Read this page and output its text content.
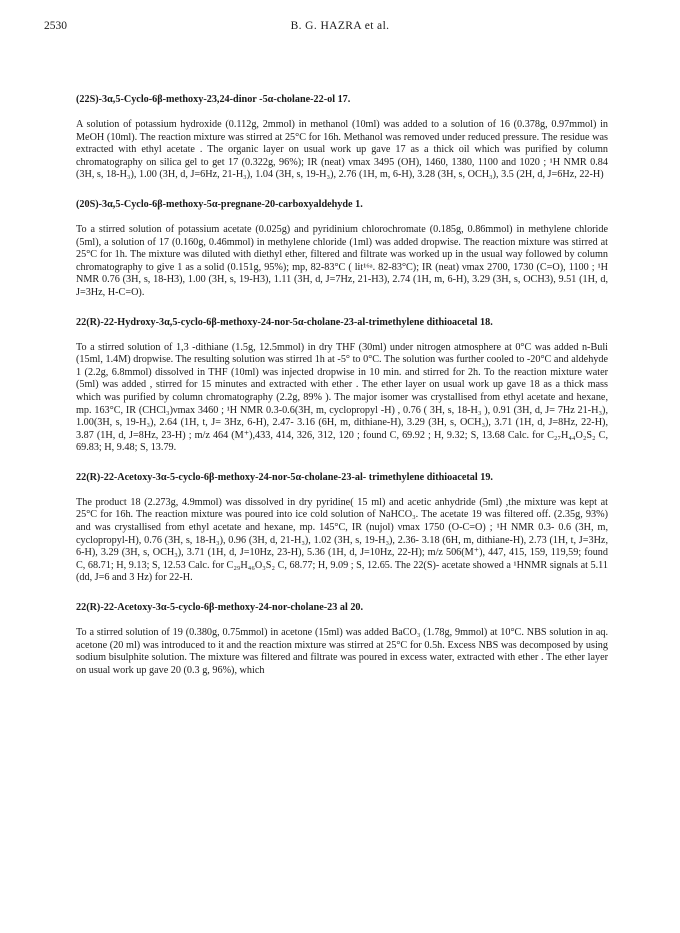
2530	B. G. HAZRA et al.
(22S)-3α,5-Cyclo-6β-methoxy-23,24-dinor -5α-cholane-22-ol 17.
A solution of potassium hydroxide (0.112g, 2mmol) in methanol (10ml) was added to a solution of 16 (0.378g, 0.97mmol) in MeOH (10ml). The reaction mixture was stirred at 25°C for 16h. Methanol was removed under reduced pressure. The residue was extracted with ethyl acetate . The organic layer on usual work up gave 17 as a thick oil which was purified by column chromatography on silica gel to get 17 (0.322g, 96%); IR (neat) νmax 3495 (OH), 1460, 1380, 1100 and 1020 ; ¹H NMR 0.84 (3H, s, 18-H₃), 1.00 (3H, d, J=6Hz, 21-H₃), 1.04 (3H, s, 19-H₃), 2.76 (1H, m, 6-H), 3.28 (3H, s, OCH₃), 3.5 (2H, d, J=6Hz, 22-H)
(20S)-3α,5-Cyclo-6β-methoxy-5α-pregnane-20-carboxyaldehyde 1.
To a stirred solution of potassium acetate (0.025g) and pyridinium chlorochromate (0.185g, 0.86mmol) in methylene chloride (5ml), a solution of 17 (0.160g, 0.46mmol) in methylene chloride (1ml) was added dropwise. The reaction mixture was stirred at 25°C for 1h. The mixture was diluted with diethyl ether, filtered and filtrate was worked up in the usual way followed by column chromatography to give 1 as a solid (0.151g, 95%); mp, 82-83°C ( lit¹⁶ᵃ. 82-83°C); IR (neat) νmax 2700, 1730 (C=O), 1100 ; ¹H NMR 0.76 (3H, s, 18-H3), 1.00 (3H, s, 19-H3), 1.11 (3H, d, J=7Hz, 21-H3), 2.74 (1H, m, 6-H), 3.29 (3H, s, OCH3), 9.51 (1H, d, J=3Hz, H-C=O).
22(R)-22-Hydroxy-3α,5-cyclo-6β-methoxy-24-nor-5α-cholane-23-al-trimethylene dithioacetal 18.
To a stirred solution of 1,3 -dithiane (1.5g, 12.5mmol) in dry THF (30ml) under nitrogen atmosphere at 0°C was added n-Buli (15ml, 1.4M) dropwise. The resulting solution was stirred 1h at -5° to 0°C. The solution was further cooled to -20°C and aldehyde 1 (2.2g, 6.8mmol) dissolved in THF (10ml) was injected dropwise in 10 min. and stirred for 2h. To the reaction mixture water (5ml) was added , stirred for 15 minutes and extracted with ether . The ether layer on usual work up gave 18 as a thick mass which was purified by column chromatography (2.2g, 89% ). The major isomer was crystallised from ethyl acetate and hexane, mp. 163°C, IR (CHCl₃)νmax 3460 ; ¹H NMR 0.3-0.6(3H, m, cyclopropyl -H) , 0.76 ( 3H, s, 18-H₃ ), 0.91 (3H, d, J= 7Hz 21-H₃), 1.00(3H, s, 19-H₃), 2.64 (1H, t, J= 3Hz, 6-H), 2.47- 3.16 (6H, m, dithiane-H), 3.29 (3H, s, OCH₃), 3.71 (1H, d, J=8Hz, 22-H), 3.87 (1H, d, J=8Hz, 23-H) ; m/z 464 (M⁺),433, 414, 326, 312, 120 ; found C, 69.92 ; H, 9.32; S, 13.68 Calc. for C₂₇H₄₄O₂S₂ C, 69.83; H, 9.48; S, 13.79.
22(R)-22-Acetoxy-3α-5-cyclo-6β-methoxy-24-nor-5α-cholane-23-al- trimethylene dithioacetal 19.
The product 18 (2.273g, 4.9mmol) was dissolved in dry pyridine( 15 ml) and acetic anhydride (5ml) ,the mixture was kept at 25°C for 16h. The reaction mixture was poured into ice cold solution of NaHCO₃. The acetate 19 was filtered off. (2.35g, 93%) and was crystallised from ethyl acetate and hexane, mp. 145°C, IR (nujol) νmax 1750 (O-C=O) ; ¹H NMR 0.3- 0.6 (3H, m, cyclopropyl-H), 0.76 (3H, s, 18-H₃), 0.96 (3H, d, 21-H₃), 1.02 (3H, s, 19-H₃), 2.36- 3.18 (6H, m, dithiane-H), 2.73 (1H, t, J=3Hz, 6-H), 3.29 (3H, s, OCH₃), 3.71 (1H, d, J=10Hz, 23-H), 5.36 (1H, d, J=10Hz, 22-H); m/z 506(M⁺), 447, 415, 159, 119,59; found C, 68.71; H, 9.13; S, 12.53 Calc. for C₂₉H₄₆O₃S₂ C, 68.77; H, 9.09 ; S, 12.65. The 22(S)- acetate showed a ¹HNMR signals at 5.11 (dd, J=6 and 3 Hz) for 22-H.
22(R)-22-Acetoxy-3α-5-cyclo-6β-methoxy-24-nor-cholane-23 al 20.
To a stirred solution of 19 (0.380g, 0.75mmol) in acetone (15ml) was added BaCO₃ (1.78g, 9mmol) at 10°C. NBS solution in aq. acetone (20 ml) was introduced to it and the reaction mixture was stirred at 25°C for 0.5h. Excess NBS was decomposed by using sodium bisulphite solution. The mixture was filtered and filtrate was poured in excess water, extracted with ether . The ether layer on usual work up gave 20 (0.3 g, 96%), which
